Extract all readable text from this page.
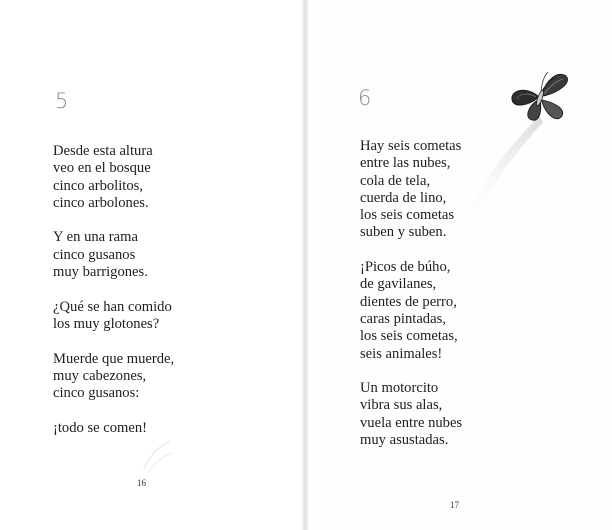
5
Desde esta altura
veo en el bosque
cinco arbolitos,
cinco arbolones.
Y en una rama
cinco gusanos
muy barrigones.
¿Qué se han comido
los muy glotones?
Muerde que muerde,
muy cabezones,
cinco gusanos:
¡todo se comen!
16
6
Hay seis cometas
entre las nubes,
cola de tela,
cuerda de lino,
los seis cometas
suben y suben.
¡Picos de búho,
de gavilanes,
dientes de perro,
caras pintadas,
los seis cometas,
seis animales!
Un motorcito
vibra sus alas,
vuela entre nubes
muy asustadas.
17
